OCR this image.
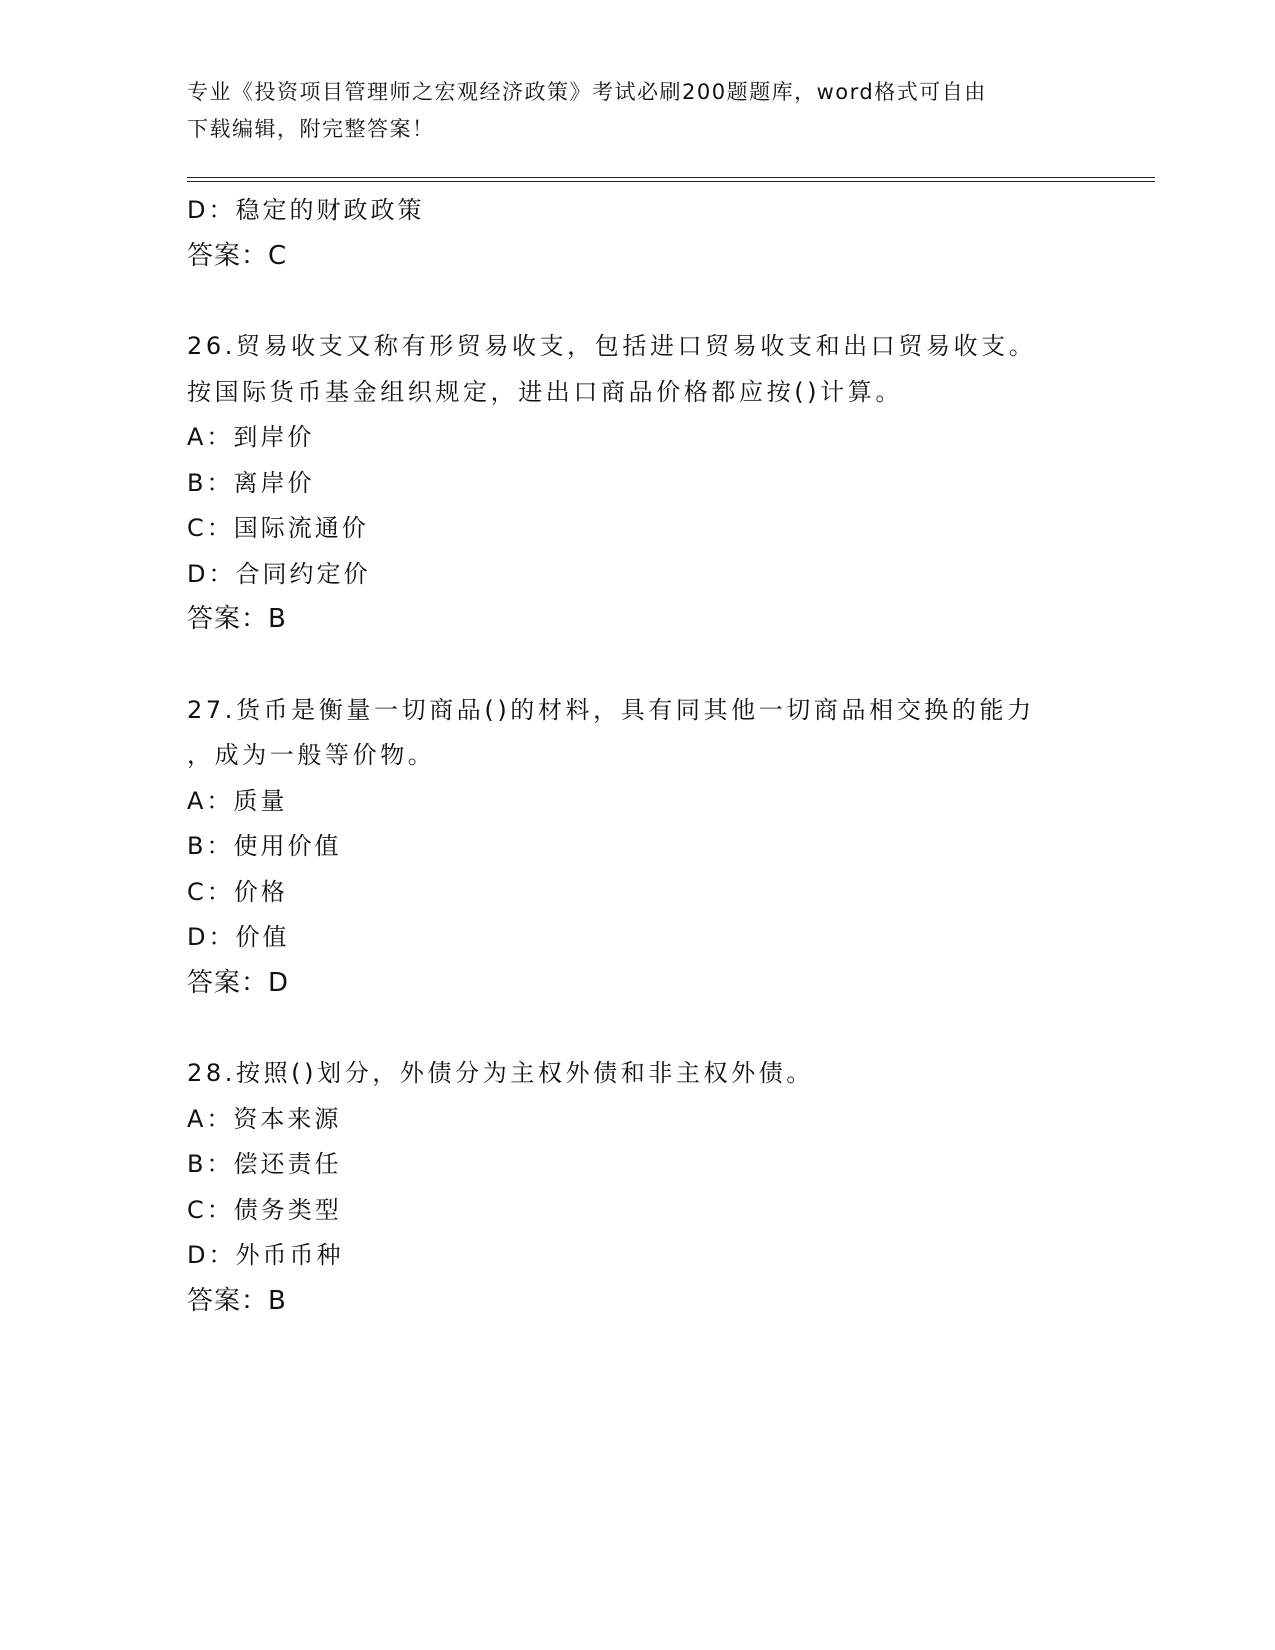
专业《投资项目管理师之宏观经济政策》考试必刷200题题库，word格式可自由
下载编辑，附完整答案！
D：稳定的财政政策
答案：C
26.贸易收支又称有形贸易收支，包括进口贸易收支和出口贸易收支。
按国际货币基金组织规定，进出口商品价格都应按()计算。
A：到岸价
B：离岸价
C：国际流通价
D：合同约定价
答案：B
27.货币是衡量一切商品()的材料，具有同其他一切商品相交换的能力
，成为一般等价物。
A：质量
B：使用价值
C：价格
D：价值
答案：D
28.按照()划分，外债分为主权外债和非主权外债。
A：资本来源
B：偿还责任
C：债务类型
D：外币币种
答案：B
